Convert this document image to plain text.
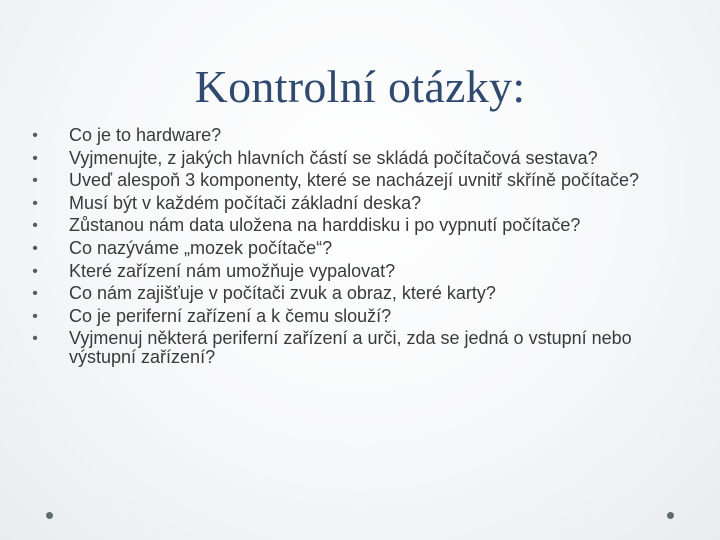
Kontrolní otázky:
• Co je to hardware?
• Vyjmenujte, z jakých hlavních částí se skládá počítačová sestava?
• Uveď alespoň 3 komponenty, které se nacházejí uvnitř skříně počítače?
• Musí být v každém počítači základní deska?
• Zůstanou nám data uložena na harddisku i po vypnutí počítače?
• Co nazýváme „mozek počítače“?
• Které zařízení nám umožňuje vypalovat?
• Co nám zajišťuje v počítači zvuk a obraz, které karty?
• Co je periferní zařízení a k čemu slouží?
• Vyjmenuj některá periferní zařízení a urči, zda se jedná o vstupní nebo výstupní zařízení?
